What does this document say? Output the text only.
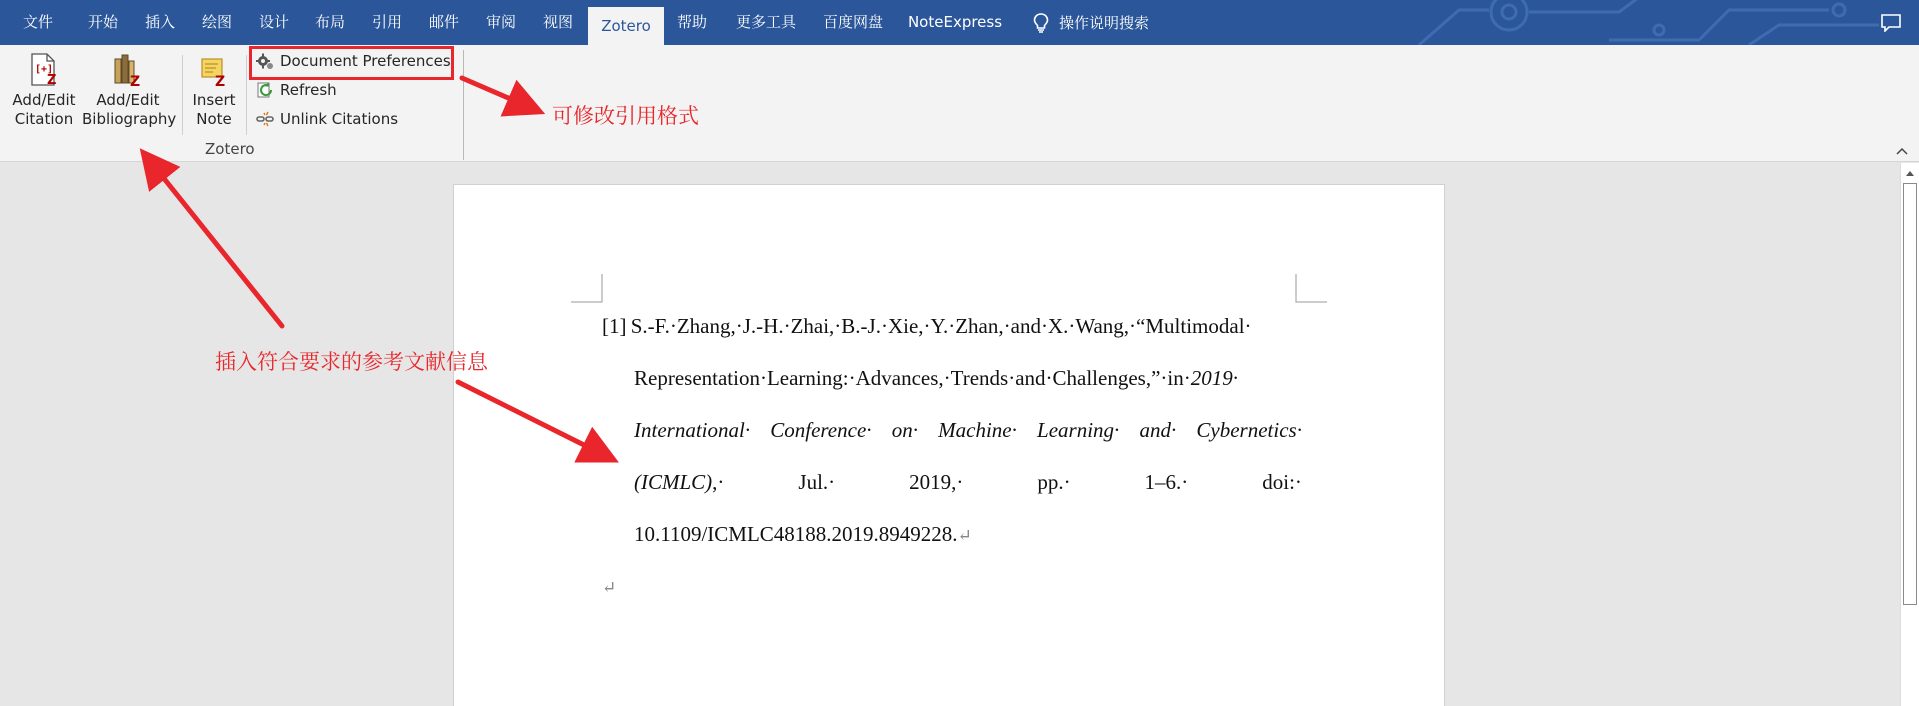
文件	开始	插入	绘图	设计	布局	引用	邮件	审阅	视图	Zotero	帮助	更多工具 百度网盘 NoteExpress	操作说明搜索
[+]
Z
Add/Edit
Citation
Z
Add/Edit
Bibliography
Z
Insert
Note
Document Preferences
Refresh
Unlink Citations
Zotero
[1] S.-F.·Zhang,·J.-H.·Zhai,·B.-J.·Xie,·Y.·Zhan,·and·X.·Wang,·“Multimodal·
Representation·Learning:·Advances,·Trends·and·Challenges,”·in·2019·
International· Conference· on· Machine· Learning· and· Cybernetics·
(ICMLC),·	Jul.·	2019,·	pp.·	1–6.·	doi:·
10.1109/ICMLC48188.2019.8949228.↵
↵
可修改引用格式
插入符合要求的参考文献信息
